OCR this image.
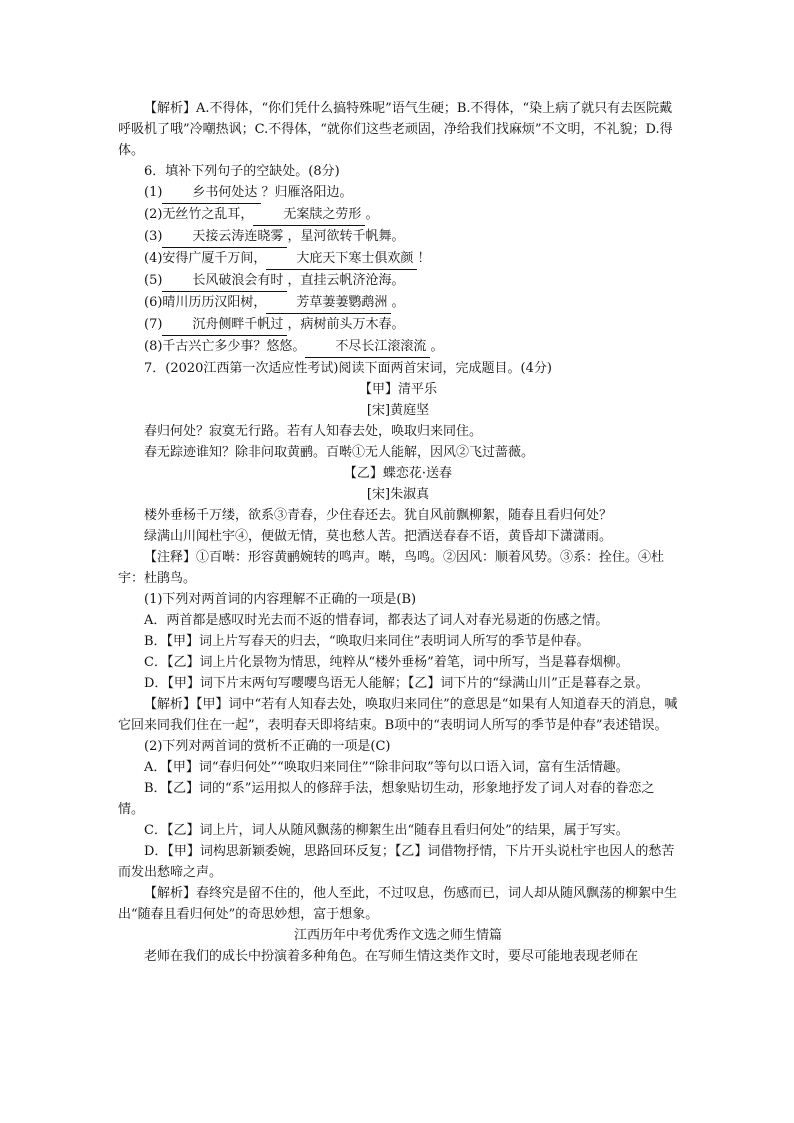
【解析】A.不得体，“你们凭什么搞特殊呢”语气生硬；B.不得体，“染上病了就只有去医院戴呼吸机了哦”冷嘲热讽；C.不得体，“就你们这些老顽固，净给我们找麻烦”不文明，不礼貌；D.得体。

6．填补下列句子的空缺处。(8分)

(1) 乡书何处达 ？归雁洛阳边。

(2)无丝竹之乱耳， 无案牍之劳形 。

(3) 天接云涛连晓雾 ，星河欲转千帆舞。

(4)安得广厦千万间， 大庇天下寒士俱欢颜 ！

(5) 长风破浪会有时 ，直挂云帆济沧海。

(6)晴川历历汉阳树， 芳草萋萋鹦鹉洲 。

(7) 沉舟侧畔千帆过 ，病树前头万木春。

(8)千古兴亡多少事？悠悠。 不尽长江滚滚流 。

7．(2020江西第一次适应性考试)阅读下面两首宋词，完成题目。(4分)

【甲】清平乐

[宋]黄庭坚

春归何处？寂寞无行路。若有人知春去处，唤取归来同住。

春无踪迹谁知？除非问取黄鹂。百啭①无人能解，因风②飞过蔷薇。

【乙】蝶恋花·送春

[宋]朱淑真

楼外垂杨千万缕，欲系③青春，少住春还去。犹自风前飘柳絮，随春且看归何处？

绿满山川闻杜宇④，便做无情，莫也愁人苦。把酒送春春不语，黄昏却下潇潇雨。

【注释】①百啭：形容黄鹂婉转的鸣声。啭，鸟鸣。②因风：顺着风势。③系：拴住。④杜宇：杜鹃鸟。

(1)下列对两首词的内容理解不正确的一项是(B)

A．两首都是感叹时光去而不返的惜春词，都表达了词人对春光易逝的伤感之情。

B．【甲】词上片写春天的归去，“唤取归来同住”表明词人所写的季节是仲春。

C．【乙】词上片化景物为情思，纯粹从“楼外垂杨”着笔，词中所写，当是暮春烟柳。

D．【甲】词下片末两句写嘤嘤鸟语无人能解；【乙】词下片的“绿满山川”正是暮春之景。

【解析】【甲】词中“若有人知春去处，唤取归来同住”的意思是“如果有人知道春天的消息，喊它回来同我们住在一起”，表明春天即将结束。B项中的“表明词人所写的季节是仲春”表述错误。

(2)下列对两首词的赏析不正确的一项是(C)

A．【甲】词“春归何处”“唤取归来同住”“除非问取”等句以口语入词，富有生活情趣。

B．【乙】词的“系”运用拟人的修辞手法，想象贴切生动，形象地抒发了词人对春的眷恋之情。

C．【乙】词上片，词人从随风飘荡的柳絮生出“随春且看归何处”的结果，属于写实。

D．【甲】词构思新颖委婉，思路回环反复；【乙】词借物抒情，下片开头说杜宇也因人的愁苦而发出愁啼之声。

【解析】春终究是留不住的，他人至此，不过叹息，伤感而已，词人却从随风飘荡的柳絮中生出“随春且看归何处”的奇思妙想，富于想象。

江西历年中考优秀作文选之师生情篇

老师在我们的成长中扮演着多种角色。在写师生情这类作文时，要尽可能地表现老师在
